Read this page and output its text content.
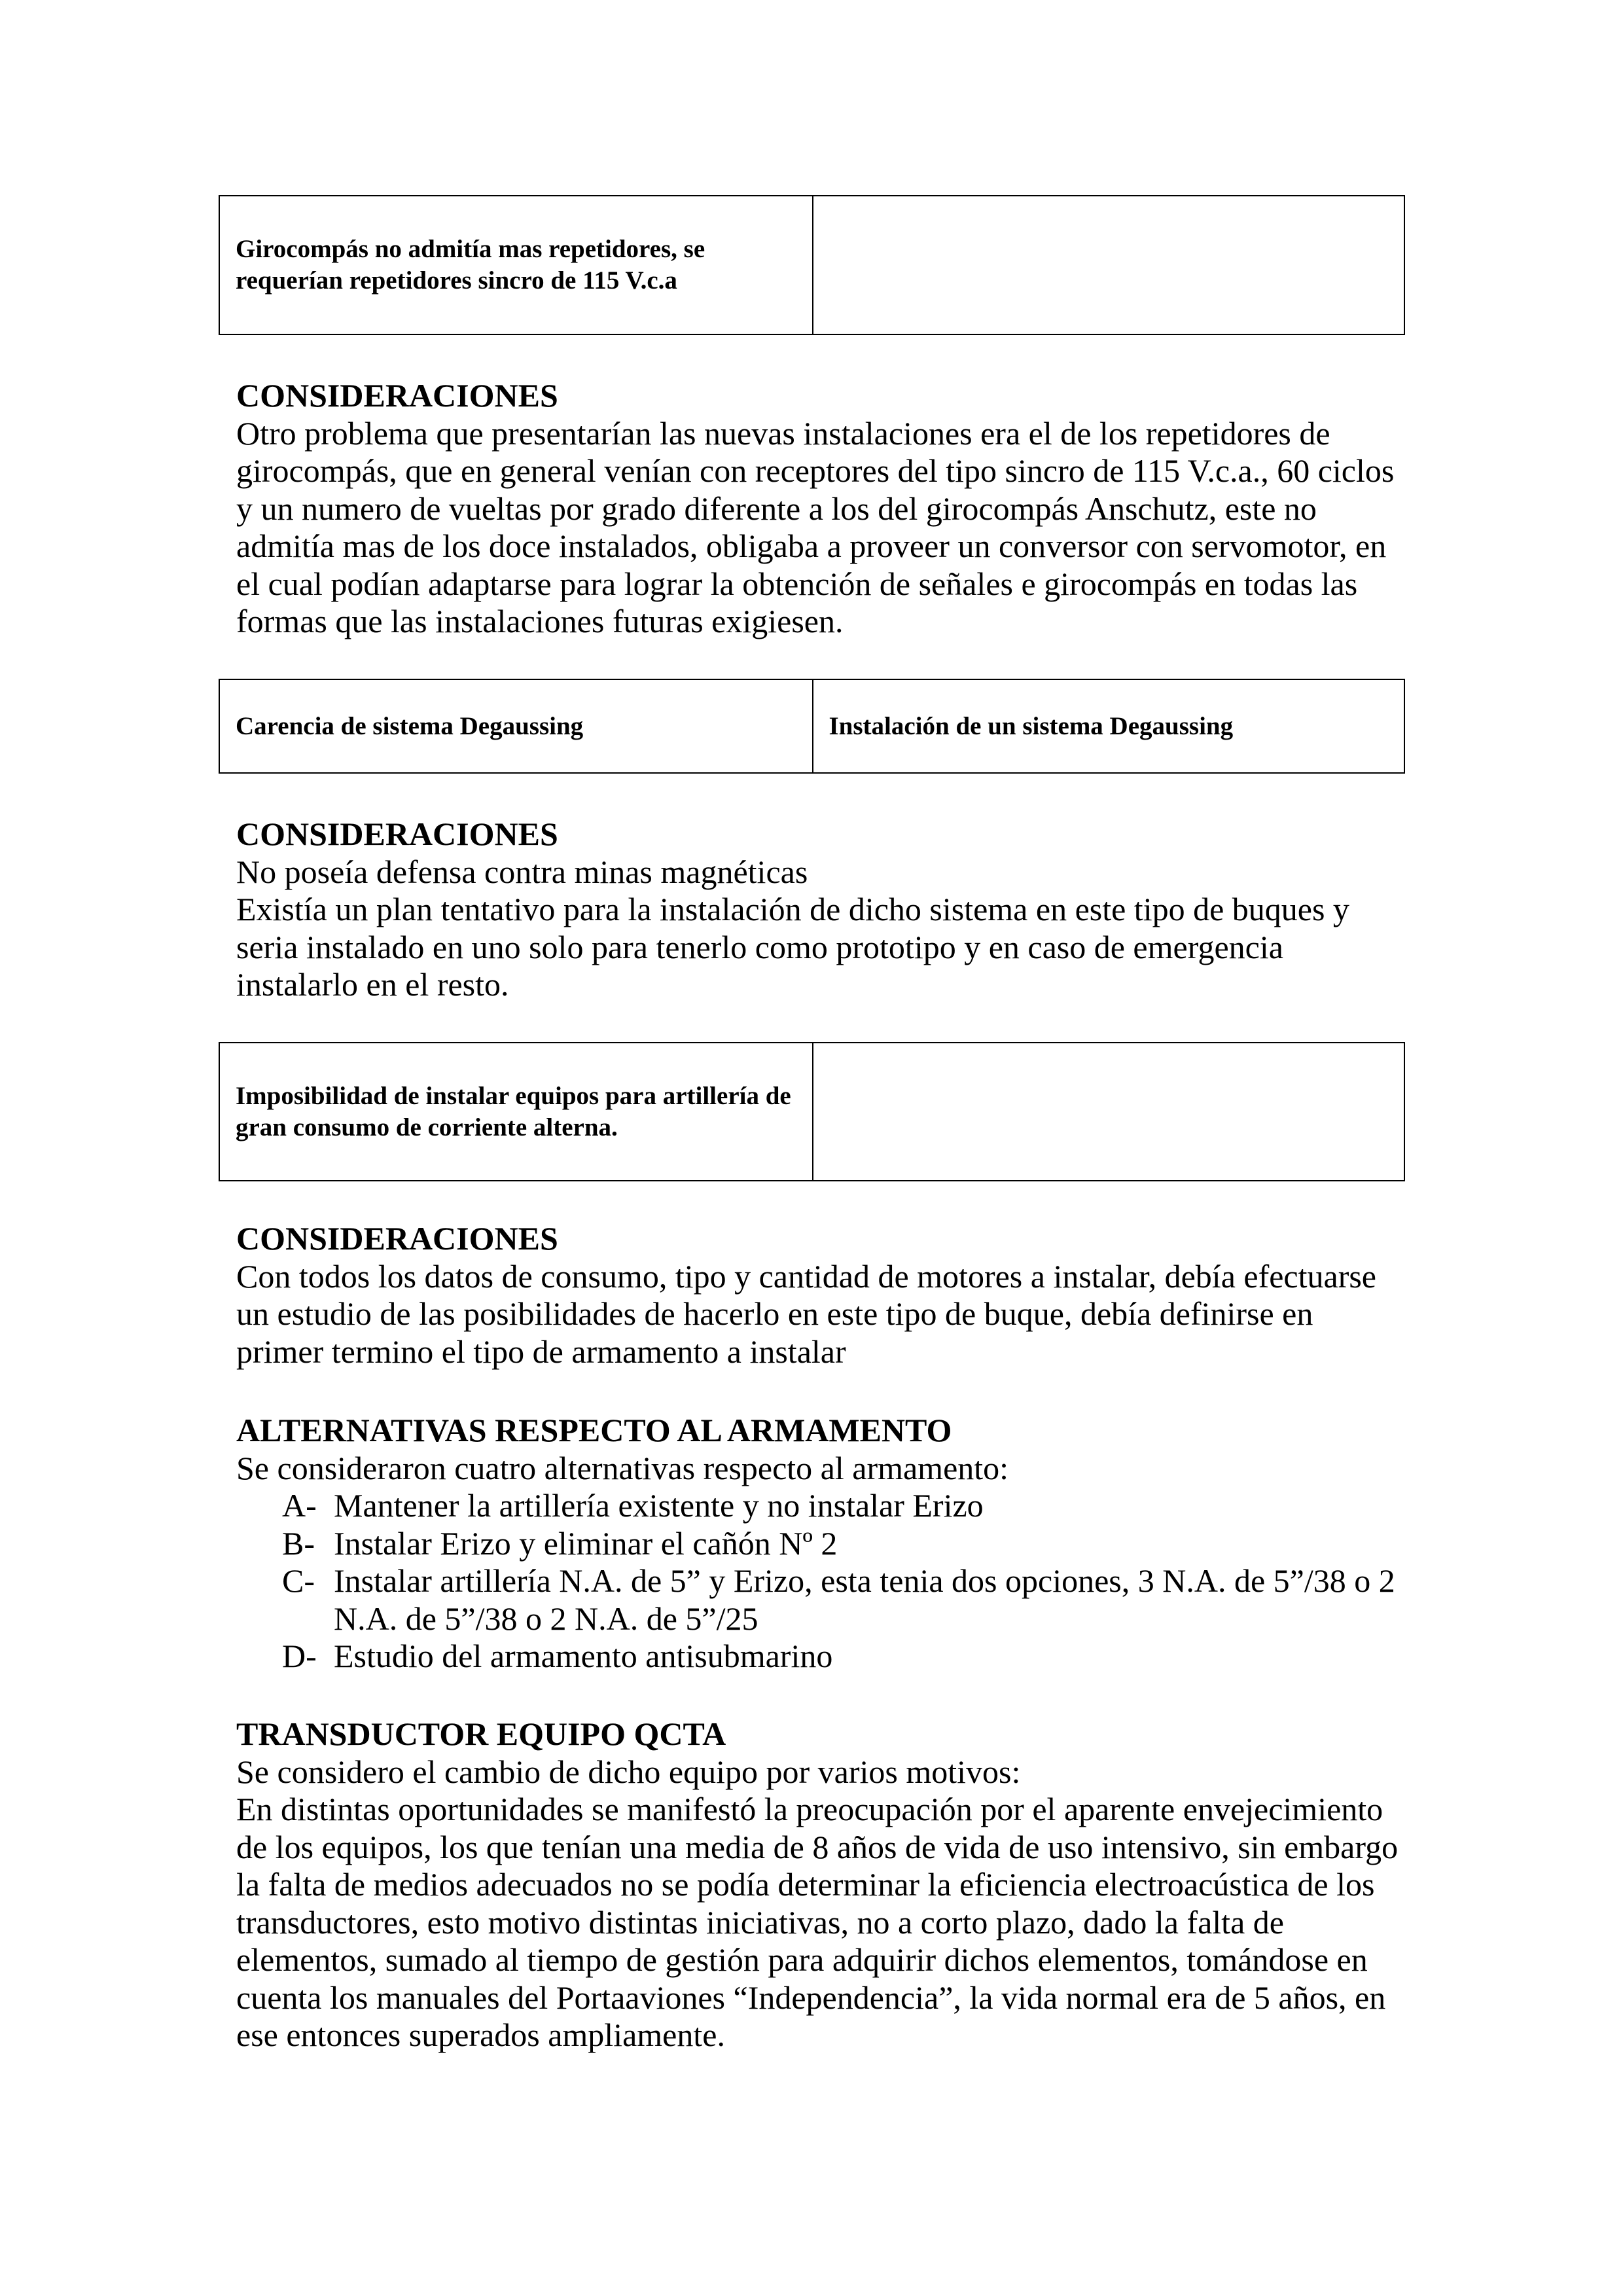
Girocompás no admitía mas repetidores, se requerían repetidores sincro de 115 V.c.a
CONSIDERACIONES
Otro problema que presentarían las nuevas instalaciones era el de los repetidores de girocompás, que en general venían con receptores del tipo sincro de 115 V.c.a., 60 ciclos y un numero de vueltas por grado diferente a los del girocompás Anschutz, este no admitía mas de los doce instalados, obligaba a proveer un conversor con servomotor, en el cual podían adaptarse para lograr la obtención de señales e girocompás en todas las formas que las instalaciones futuras exigiesen.
Carencia de sistema Degaussing	Instalación de un sistema Degaussing
CONSIDERACIONES
No poseía defensa contra minas magnéticas
Existía un plan tentativo para la instalación de dicho sistema en este tipo de buques y seria instalado en uno solo para tenerlo como prototipo y en caso de emergencia instalarlo en el resto.
Imposibilidad de instalar equipos para artillería de gran consumo de corriente alterna.
CONSIDERACIONES
Con todos los datos de consumo, tipo y cantidad de motores a instalar, debía efectuarse un estudio de las posibilidades de hacerlo en este tipo de buque, debía definirse en primer termino el tipo de armamento a instalar
ALTERNATIVAS RESPECTO AL ARMAMENTO
Se consideraron cuatro alternativas respecto al armamento:
A- Mantener la artillería existente y no instalar Erizo
B- Instalar Erizo y eliminar el cañón Nº 2
C- Instalar artillería N.A. de 5” y Erizo, esta tenia dos opciones, 3 N.A. de 5”/38 o 2 N.A. de 5”/38 o 2 N.A. de 5”/25
D- Estudio del armamento antisubmarino
TRANSDUCTOR EQUIPO QCTA
Se considero el cambio de dicho equipo por varios motivos:
En distintas oportunidades se manifestó la preocupación por el aparente envejecimiento de los equipos, los que tenían una media de 8 años de vida de uso intensivo, sin embargo la falta de medios adecuados no se podía determinar la eficiencia electroacústica de los transductores, esto motivo distintas iniciativas, no a corto plazo, dado la falta de elementos, sumado al tiempo de gestión para adquirir dichos elementos, tomándose en cuenta los manuales del Portaaviones “Independencia”, la vida normal era de 5 años, en ese entonces superados ampliamente.
